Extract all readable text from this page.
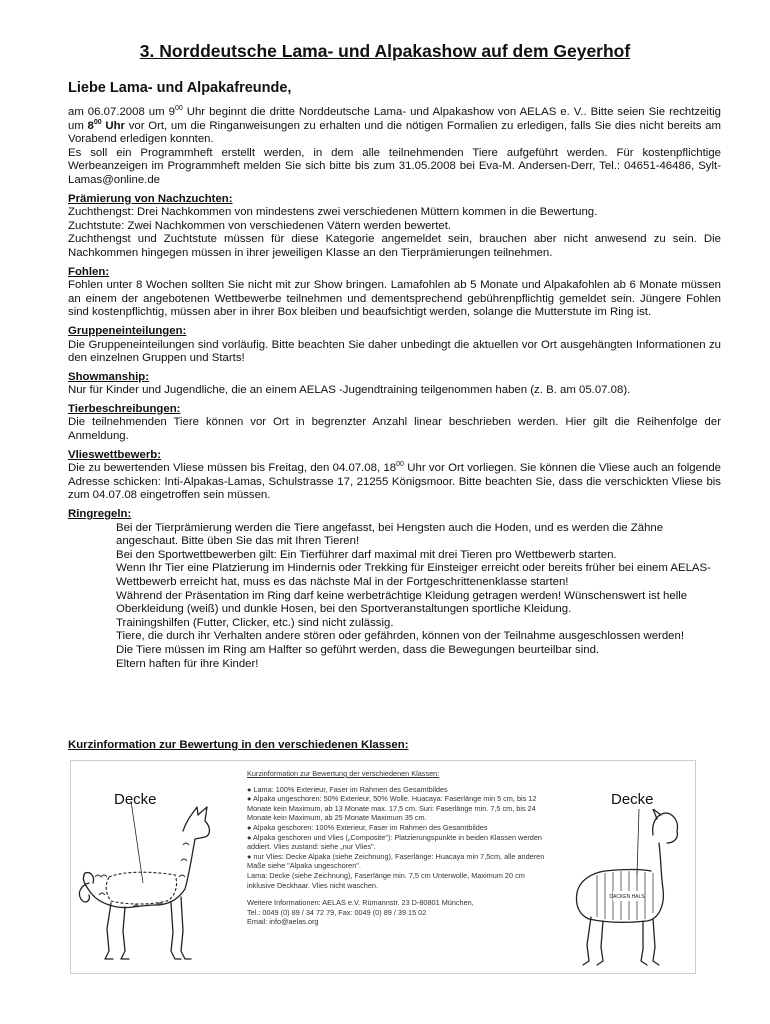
3. Norddeutsche Lama- und Alpakashow auf dem Geyerhof

Liebe Lama- und Alpakafreunde,

am 06.07.2008 um $9^{00}$ Uhr beginnt die dritte Norddeutsche Lama- und Alpakashow von AELAS e. V.. Bitte seien Sie rechtzeitig um $8^{00}$ Uhr vor Ort, um die Ringanweisungen zu erhalten und die nötigen Formalien zu erledigen, falls Sie dies nicht bereits am Vorabend erledigen konnten.

Es soll ein Programmheft erstellt werden, in dem alle teilnehmenden Tiere aufgeführt werden. Für kostenpflichtige Werbeanzeigen im Programmheft melden Sie sich bitte bis zum 31.05.2008 bei Eva-M. Andersen-Derr, Tel.: 04651-46486, Sylt-Lamas@online.de

Prämierung von Nachzuchten:

Zuchthengst: Drei Nachkommen von mindestens zwei verschiedenen Müttern kommen in die Bewertung.

Zuchtstute: Zwei Nachkommen von verschiedenen Vätern werden bewertet.

Zuchthengst und Zuchtstute müssen für diese Kategorie angemeldet sein, brauchen aber nicht anwesend zu sein. Die Nachkommen hingegen müssen in ihrer jeweiligen Klasse an den Tierprämierungen teilnehmen.

Fohlen:

Fohlen unter 8 Wochen sollten Sie nicht mit zur Show bringen. Lamafohlen ab 5 Monate und Alpakafohlen ab 6 Monate müssen an einem der angebotenen Wettbewerbe teilnehmen und dementsprechend gebührenpflichtig gemeldet sein. Jüngere Fohlen sind kostenpflichtig, müssen aber in ihrer Box bleiben und beaufsichtigt werden, solange die Mutterstute im Ring ist.

Gruppeneinteilungen:

Die Gruppeneinteilungen sind vorläufig. Bitte beachten Sie daher unbedingt die aktuellen vor Ort ausgehängten Informationen zu den einzelnen Gruppen und Starts!

Showmanship:

Nur für Kinder und Jugendliche, die an einem AELAS -Jugendtraining teilgenommen haben (z. B. am 05.07.08).

Tierbeschreibungen:

Die teilnehmenden Tiere können vor Ort in begrenzter Anzahl linear beschrieben werden. Hier gilt die Reihenfolge der Anmeldung.

Vlieswettbewerb:

Die zu bewertenden Vliese müssen bis Freitag, den 04.07.08, $18^{00}$ Uhr vor Ort vorliegen. Sie können die Vliese auch an folgende Adresse schicken: Inti-Alpakas-Lamas, Schulstrasse 17, 21255 Königsmoor. Bitte beachten Sie, dass die verschickten Vliese bis zum 04.07.08 eingetroffen sein müssen.

Ringregeln:

Bei der Tierprämierung werden die Tiere angefasst, bei Hengsten auch die Hoden, und es werden die Zähne angeschaut. Bitte üben Sie das mit Ihren Tieren!

Bei den Sportwettbewerben gilt: Ein Tierführer darf maximal mit drei Tieren pro Wettbewerb starten.

Wenn Ihr Tier eine Platzierung im Hindernis oder Trekking für Einsteiger erreicht oder bereits früher bei einem AELAS-Wettbewerb erreicht hat, muss es das nächste Mal in der Fortgeschrittenenklasse starten!

Während der Präsentation im Ring darf keine werbeträchtige Kleidung getragen werden! Wünschenswert ist helle Oberkleidung (weiß) und dunkle Hosen, bei den Sportveranstaltungen sportliche Kleidung.

Trainingshilfen (Futter, Clicker, etc.) sind nicht zulässig.

Tiere, die durch ihr Verhalten andere stören oder gefährden, können von der Teilnahme ausgeschlossen werden!

Die Tiere müssen im Ring am Halfter so geführt werden, dass die Bewegungen beurteilbar sind.

Eltern haften für ihre Kinder!

Kurzinformation zur Bewertung in den verschiedenen Klassen:

Decke	Decke
Kurzinformation zur Bewertung der verschiedenen Klassen:
● Lama: 100% Exterieur, Faser im Rahmen des Gesamtbildes
● Alpaka ungeschoren: 50% Exterieur, 50% Wolle. Huacaya: Faserlänge min 5 cm, bis 12 Monate kein Maximum, ab 13 Monate max. 17,5 cm. Suri: Faserlänge min. 7,5 cm, bis 24 Monate kein Maximum, ab 25 Monate Maximum 35 cm.
● Alpaka geschoren: 100% Exterieur, Faser im Rahmen des Gesamtbildes
● Alpaka geschoren und Vlies („Composite"): Platzierungspunkte in beiden Klassen werden addiert. Vlies zustand: siehe „nur Vlies".
● nur Vlies: Decke Alpaka (siehe Zeichnung), Faserlänge: Huacaya min 7,5cm, alle anderen Maße siehe "Alpaka ungeschoren".
Lama: Decke (siehe Zeichnung), Faserlänge min. 7,5 cm Unterwolle, Maximum 20 cm inklusive Deckhaar. Vlies nicht waschen.
Weitere Informationen: AELAS e.V. Rümannstr. 23 D-80801 München,
Tel.: 0049 (0) 89 / 34 72 79, Fax: 0049 (0) 89 / 39 15 02
Email: info@aelas.org
DACKEN HALS
